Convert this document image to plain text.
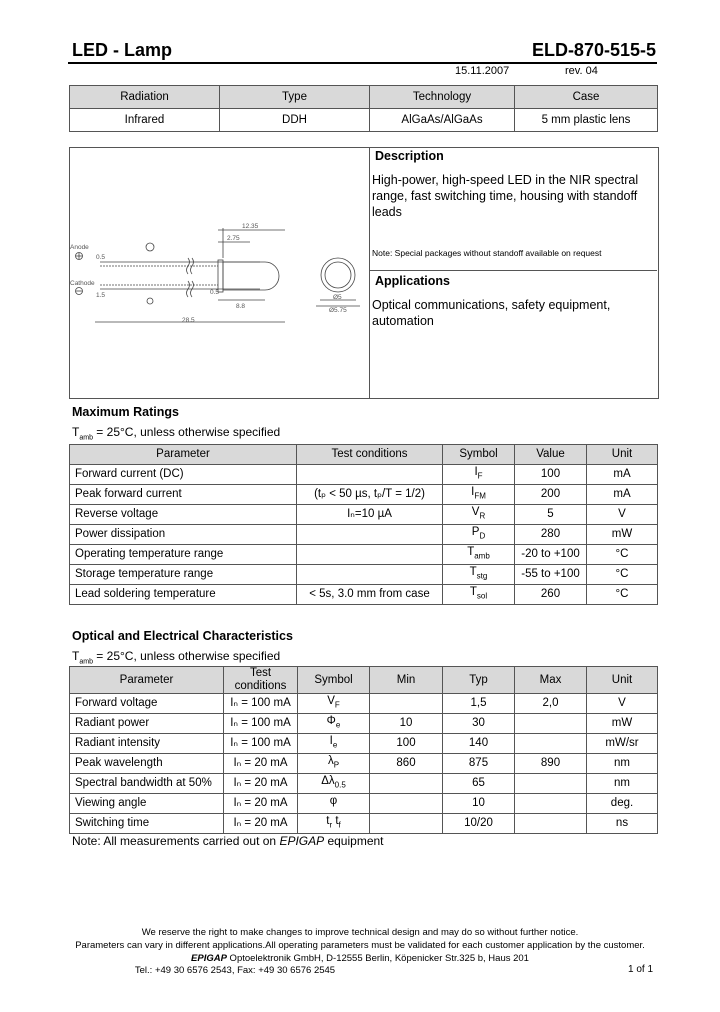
LED - Lamp	ELD-870-515-5
15.11.2007	rev. 04
Radiation	Type	Technology	Case
Infrared	DDH	AlGaAs/AlGaAs	5 mm plastic lens
Anode
Cathode
12.35
2.75
0.5
1.5
8.8
0.5
28.5
Ø5
Ø5.75
Description
High-power, high-speed LED in the NIR spectral range, fast switching time, housing with standoff leads
Note: Special packages without standoff available on request
Applications
Optical communications, safety equipment, automation
Maximum Ratings
$T_{amb} = 25^\circ C$, unless otherwise specified
Parameter	Test conditions	Symbol	Value	Unit
Forward current (DC)		$I_F$	100	mA
Peak forward current	(tₚ < 50 µs, tₚ/T = 1/2)	$I_{FM}$	200	mA
Reverse voltage	Iₙ=10 µA	$V_R$	5	V
Power dissipation		$P_D$	280	mW
Operating temperature range		$T_{amb}$	-20 to +100	°C
Storage temperature range		$T_{stg}$	-55 to +100	°C
Lead soldering temperature	< 5s, 3.0 mm from case	$T_{sol}$	260	°C
Optical and Electrical Characteristics
$T_{amb} = 25^\circ C$, unless otherwise specified
Parameter	Test conditions	Symbol	Min	Typ	Max	Unit
Forward voltage	Iₙ = 100 mA	$V_F$		1,5	2,0	V
Radiant power	Iₙ = 100 mA	$\Phi_e$	10	30		mW
Radiant intensity	Iₙ = 100 mA	$I_e$	100	140		mW/sr
Peak wavelength	Iₙ = 20 mA	$\lambda_P$	860	875	890	nm
Spectral bandwidth at 50%	Iₙ = 20 mA	$\Delta\lambda_{0.5}$		65		nm
Viewing angle	Iₙ = 20 mA	φ		10		deg.
Switching time	Iₙ = 20 mA	$t_r$ $t_f$		10/20		ns
Note: All measurements carried out on EPIGAP equipment
We reserve the right to make changes to improve technical design and may do so without further notice.
Parameters can vary in different applications.All operating parameters must be validated for each customer application by the customer.
EPIGAP Optoelektronik GmbH, D-12555 Berlin, Köpenicker Str.325 b, Haus 201
Tel.: +49 30 6576 2543, Fax: +49 30 6576 2545	1 of 1
